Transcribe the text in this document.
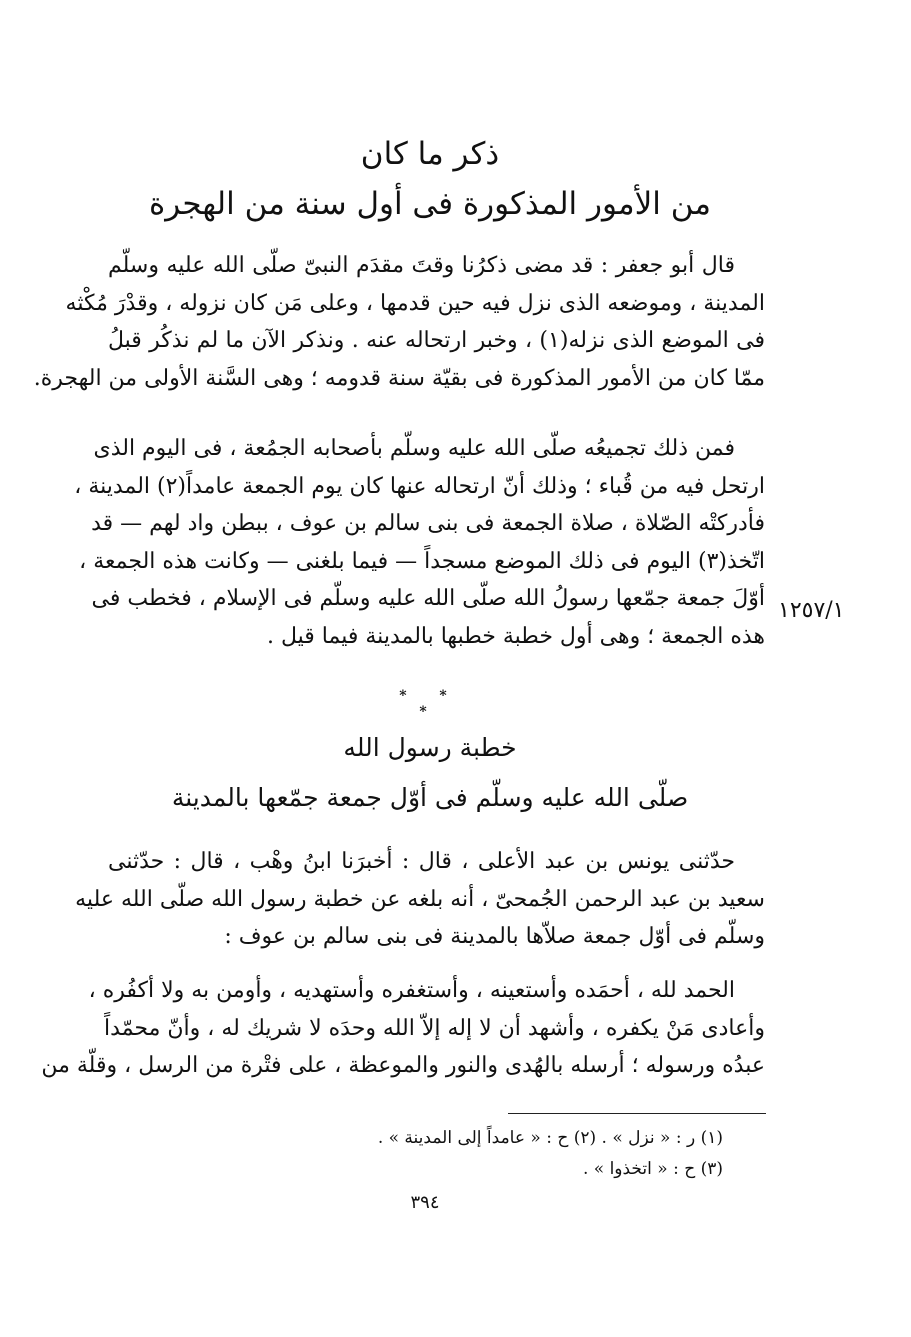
ذكر ما كان
من الأمور المذكورة فى أول سنة من الهجرة
قال أبو جعفر : قد مضى ذكرُنا وقتَ مقدَم النبىّ صلّى الله عليه وسلّم
المدينة ، وموضعه الذى نزل فيه حين قدمها ، وعلى مَن كان نزوله ، وقدْرَ مُكْثه
فى الموضع الذى نزله(١) ، وخبر ارتحاله عنه . ونذكر الآن ما لم نذكُر قبلُ
ممّا كان من الأمور المذكورة فى بقيّة سنة قدومه ؛ وهى السَّنة الأولى من الهجرة.
فمن ذلك تجميعُه صلّى الله عليه وسلّم بأصحابه الجمُعة ، فى اليوم الذى
ارتحل فيه من قُباء ؛ وذلك أنّ ارتحاله عنها كان يوم الجمعة عامداً(٢) المدينة ،
فأدركتْه الصّلاة ، صلاة الجمعة فى بنى سالم بن عوف ، ببطن واد لهم — قد
اتّخذ(٣) اليوم فى ذلك الموضع مسجداً — فيما بلغنى — وكانت هذه الجمعة ،
أوّلَ جمعة جمّعها رسولُ الله صلّى الله عليه وسلّم فى الإسلام ، فخطب فى
هذه الجمعة ؛ وهى أول خطبة خطبها بالمدينة فيما قيل .
١٢٥٧/١
* * *
خطبة رسول الله
صلّى الله عليه وسلّم فى أوّل جمعة جمّعها بالمدينة
حدّثنى يونس بن عبد الأعلى ، قال : أخبرَنا ابنُ وهْب ، قال : حدّثنى
سعيد بن عبد الرحمن الجُمحىّ ، أنه بلغه عن خطبة رسول الله صلّى الله عليه
وسلّم فى أوّل جمعة صلاّها بالمدينة فى بنى سالم بن عوف :
الحمد لله ، أحمَده وأستعينه ، وأستغفره وأستهديه ، وأومن به ولا أكفُره ،
وأعادى مَنْ يكفره ، وأشهد أن لا إله إلاّ الله وحدَه لا شريك له ، وأنّ محمّداً
عبدُه ورسوله ؛ أرسله بالهُدى والنور والموعظة ، على فتْرة من الرسل ، وقلّة من
(١) ر : « نزل » . (٢) ح : « عامداً إلى المدينة » .
(٣) ح : « اتخذوا » .
٣٩٤
